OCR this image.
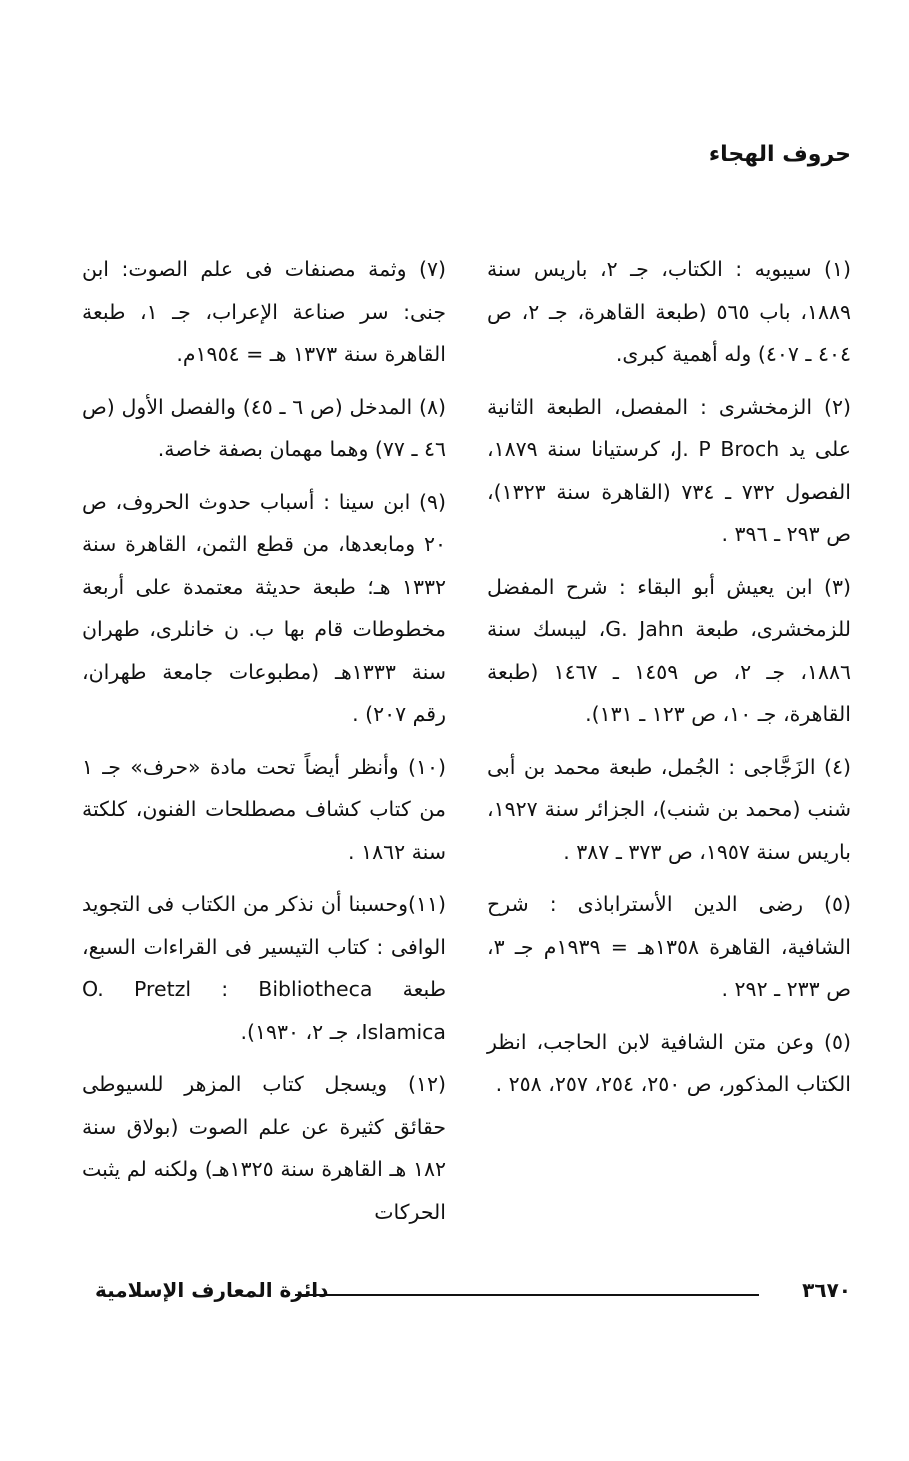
حروف الهجاء

(١) سيبويه : الكتاب، جـ ٢، باريس سنة ١٨٨٩، باب ٥٦٥ (طبعة القاهرة، جـ ٢، ص ٤٠٤ ـ ٤٠٧) وله أهمية كبرى.

(٢) الزمخشرى : المفصل، الطبعة الثانية على يد J. P Broch، كرستيانا سنة ١٨٧٩، الفصول ٧٣٢ ـ ٧٣٤ (القاهرة سنة ١٣٢٣)، ص ٢٩٣ ـ ٣٩٦ .

(٣) ابن يعيش أبو البقاء : شرح المفضل للزمخشرى، طبعة G. Jahn، ليبسك سنة ١٨٨٦، جـ ٢، ص ١٤٥٩ ـ ١٤٦٧ (طبعة القاهرة، جـ ١٠، ص ١٢٣ ـ ١٣١).

(٤) الزَجَّاجى : الجُمل، طبعة محمد بن أبى شنب (محمد بن شنب)، الجزائر سنة ١٩٢٧، باريس سنة ١٩٥٧، ص ٣٧٣ ـ ٣٨٧ .

(٥) رضى الدين الأستراباذى : شرح الشافية، القاهرة ١٣٥٨هـ = ١٩٣٩م جـ ٣، ص ٢٣٣ ـ ٢٩٢ .

(٥) وعن متن الشافية لابن الحاجب، انظر الكتاب المذكور، ص ٢٥٠، ٢٥٤، ٢٥٧، ٢٥٨ .

(٧) وثمة مصنفات فى علم الصوت: ابن جنى: سر صناعة الإعراب، جـ ١، طبعة القاهرة سنة ١٣٧٣ هـ = ١٩٥٤م.

(٨) المدخل (ص ٦ ـ ٤٥) والفصل الأول (ص ٤٦ ـ ٧٧) وهما مهمان بصفة خاصة.

(٩) ابن سينا : أسباب حدوث الحروف، ص ٢٠ ومابعدها، من قطع الثمن، القاهرة سنة ١٣٣٢ هـ؛ طبعة حديثة معتمدة على أربعة مخطوطات قام بها ب. ن خانلرى، طهران سنة ١٣٣٣هـ (مطبوعات جامعة طهران، رقم ٢٠٧) .

(١٠) وأنظر أيضاً تحت مادة «حرف» جـ ١ من كتاب كشاف مصطلحات الفنون، كلكتة سنة ١٨٦٢ .

(١١)وحسبنا أن نذكر من الكتاب فى التجويد الوافى : كتاب التيسير فى القراءات السبع، طبعة O. Pretzl : Bibliotheca Islamica، جـ ٢، ١٩٣٠).

(١٢) ويسجل كتاب المزهر للسيوطى حقائق كثيرة عن علم الصوت (بولاق سنة ١٨٢ هـ القاهرة سنة ١٣٢٥هـ) ولكنه لم يثبت الحركات

٣٦٧٠
دائرة المعارف الإسلامية
